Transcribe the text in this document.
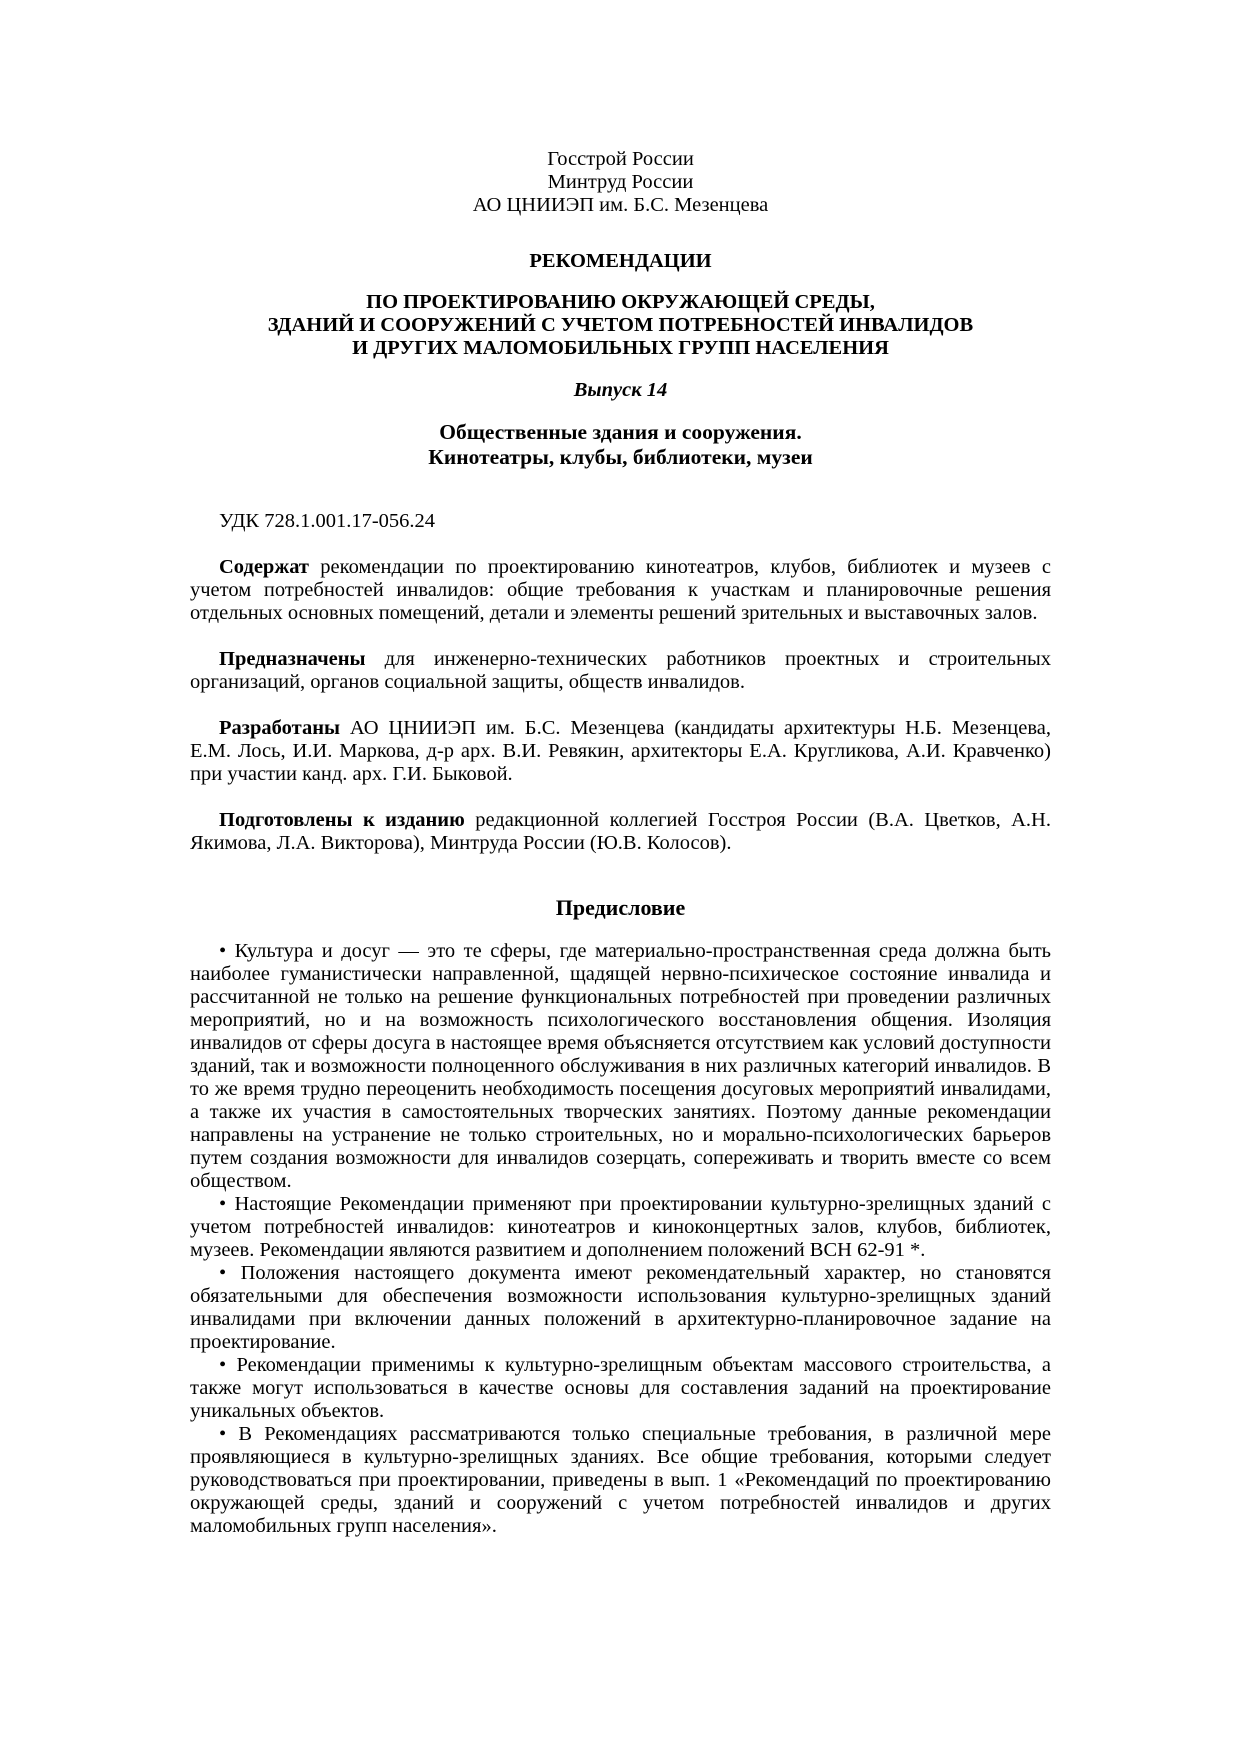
Госстрой России
Минтруд России
АО ЦНИИЭП им. Б.С. Мезенцева
РЕКОМЕНДАЦИИ
ПО ПРОЕКТИРОВАНИЮ ОКРУЖАЮЩЕЙ СРЕДЫ,
ЗДАНИЙ И СООРУЖЕНИЙ С УЧЕТОМ ПОТРЕБНОСТЕЙ ИНВАЛИДОВ
И ДРУГИХ МАЛОМОБИЛЬНЫХ ГРУПП НАСЕЛЕНИЯ
Выпуск 14
Общественные здания и сооружения.
Кинотеатры, клубы, библиотеки, музеи

УДК 728.1.001.17-056.24

Содержат рекомендации по проектированию кинотеатров, клубов, библиотек и музеев с учетом потребностей инвалидов: общие требования к участкам и планировочные решения отдельных основных помещений, детали и элементы решений зрительных и выставочных залов.

Предназначены для инженерно-технических работников проектных и строительных организаций, органов социальной защиты, обществ инвалидов.

Разработаны АО ЦНИИЭП им. Б.С. Мезенцева (кандидаты архитектуры Н.Б. Мезенцева, Е.М. Лось, И.И. Маркова, д-р арх. В.И. Ревякин, архитекторы Е.А. Кругликова, А.И. Кравченко) при участии канд. арх. Г.И. Быковой.

Подготовлены к изданию редакционной коллегией Госстроя России (В.А. Цветков, А.Н. Якимова, Л.А. Викторова), Минтруда России (Ю.В. Колосов).

Предисловие

• Культура и досуг — это те сферы, где материально-пространственная среда должна быть наиболее гуманистически направленной, щадящей нервно-психическое состояние инвалида и рассчитанной не только на решение функциональных потребностей при проведении различных мероприятий, но и на возможность психологического восстановления общения. Изоляция инвалидов от сферы досуга в настоящее время объясняется отсутствием как условий доступности зданий, так и возможности полноценного обслуживания в них различных категорий инвалидов. В то же время трудно переоценить необходимость посещения досуговых мероприятий инвалидами, а также их участия в самостоятельных творческих занятиях. Поэтому данные рекомендации направлены на устранение не только строительных, но и морально-психологических барьеров путем создания возможности для инвалидов созерцать, сопереживать и творить вместе со всем обществом.

• Настоящие Рекомендации применяют при проектировании культурно-зрелищных зданий с учетом потребностей инвалидов: кинотеатров и киноконцертных залов, клубов, библиотек, музеев. Рекомендации являются развитием и дополнением положений ВСН 62-91 *.

• Положения настоящего документа имеют рекомендательный характер, но становятся обязательными для обеспечения возможности использования культурно-зрелищных зданий инвалидами при включении данных положений в архитектурно-планировочное задание на проектирование.

• Рекомендации применимы к культурно-зрелищным объектам массового строительства, а также могут использоваться в качестве основы для составления заданий на проектирование уникальных объектов.

• В Рекомендациях рассматриваются только специальные требования, в различной мере проявляющиеся в культурно-зрелищных зданиях. Все общие требования, которыми следует руководствоваться при проектировании, приведены в вып. 1 «Рекомендаций по проектированию окружающей среды, зданий и сооружений с учетом потребностей инвалидов и других маломобильных групп населения».
